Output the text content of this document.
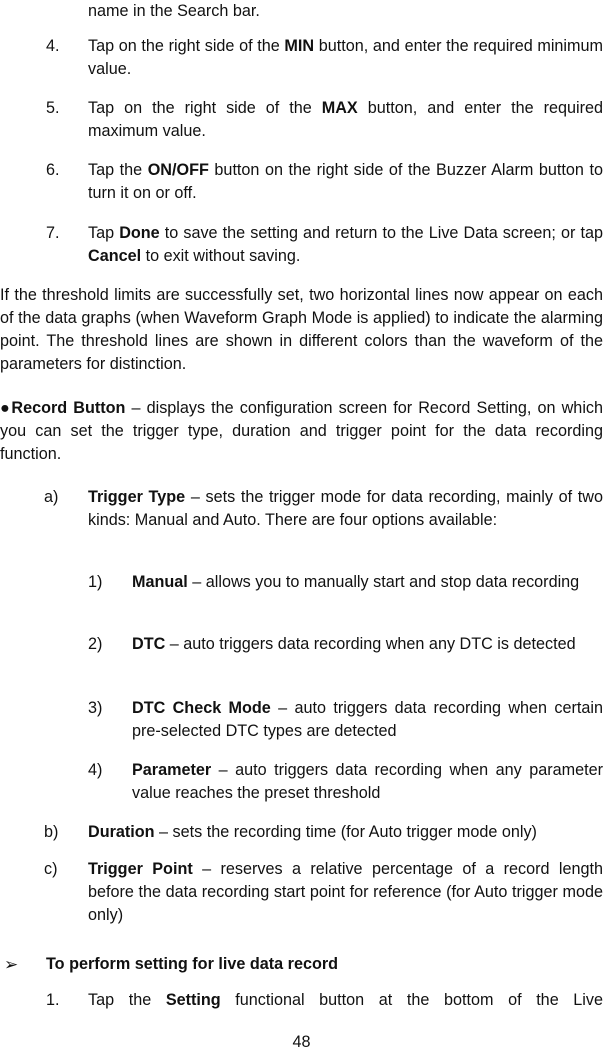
name in the Search bar.

4. Tap on the right side of the MIN button, and enter the required minimum value.

5. Tap on the right side of the MAX button, and enter the required maximum value.

6. Tap the ON/OFF button on the right side of the Buzzer Alarm button to turn it on or off.

7. Tap Done to save the setting and return to the Live Data screen; or tap Cancel to exit without saving.

If the threshold limits are successfully set, two horizontal lines now appear on each of the data graphs (when Waveform Graph Mode is applied) to indicate the alarming point. The threshold lines are shown in different colors than the waveform of the parameters for distinction.

●Record Button – displays the configuration screen for Record Setting, on which you can set the trigger type, duration and trigger point for the data recording function.

a) Trigger Type – sets the trigger mode for data recording, mainly of two kinds: Manual and Auto. There are four options available:

1) Manual – allows you to manually start and stop data recording

2) DTC – auto triggers data recording when any DTC is detected

3) DTC Check Mode – auto triggers data recording when certain pre-selected DTC types are detected

4) Parameter – auto triggers data recording when any parameter value reaches the preset threshold

b) Duration – sets the recording time (for Auto trigger mode only)

c) Trigger Point – reserves a relative percentage of a record length before the data recording start point for reference (for Auto trigger mode only)

➢ To perform setting for live data record

1. Tap the Setting functional button at the bottom of the Live

48
